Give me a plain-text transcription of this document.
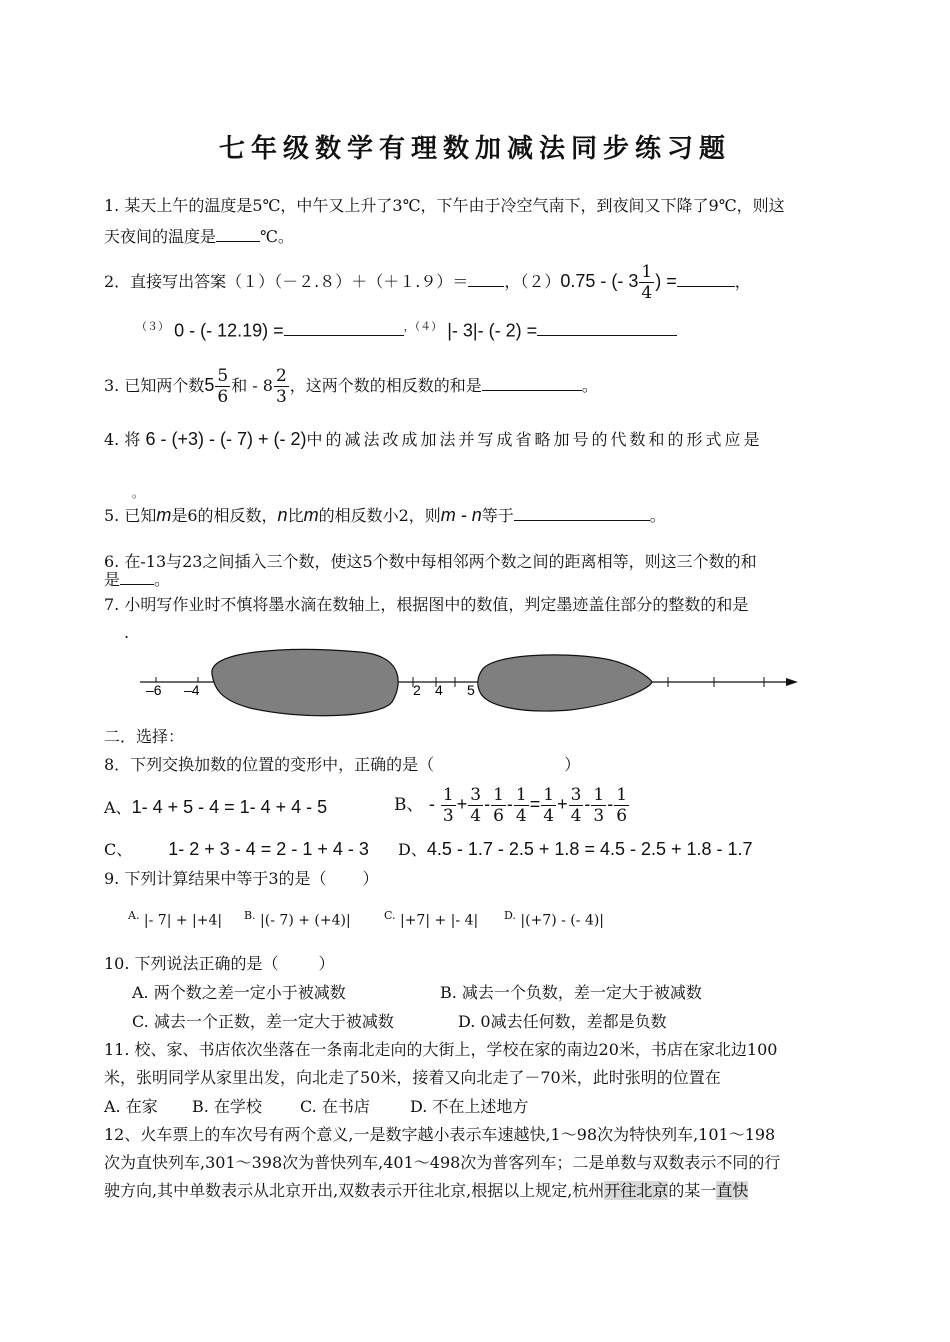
七年级数学有理数加减法同步练习题
1. 某天上午的温度是5℃，中午又上升了3℃，下午由于冷空气南下，到夜间又下降了9℃，则这
天夜间的温度是	℃。
2．直接写出答案（１）（－２.８）＋（＋１.９）＝ ，（２）0.75 - (- $3 \frac{1}{4}$ ) =	，
$^{(3)}$ 0 - (- 12.19) =	$^{,(4)}$ |- 3|- (- 2) =
3. 已知两个数$5 \frac{5}{6}$ 和 - $8 \frac{2}{3}$ ，这两个数的相反数的和是	。
4. 将 6 - (+3) - (- 7) + (- 2)中的减法改成加法并写成省略加号的代数和的形式应是
。
5. 已知m是6的相反数，n比m的相反数小2，则m - n等于	。
6. 在-13与23之间插入三个数，使这5个数中每相邻两个数之间的距离相等，则这三个数的和
是 。
7. 小明写作业时不慎将墨水滴在数轴上，根据图中的数值，判定墨迹盖住部分的整数的和是
.
–6 –4	2 4 5
二．选择：
8．下列交换加数的位置的变形中，正确的是（	）
A、1- 4 + 5 - 4 = 1- 4 + 4 - 5	B、 - $\frac{1}{3} + \frac{3}{4} - \frac{1}{6} - \frac{1}{4} = \frac{1}{4} + \frac{3}{4} - \frac{1}{3} - \frac{1}{6}$
C、 1- 2 + 3 - 4 = 2 - 1 + 4 - 3 D、4.5 - 1.7 - 2.5 + 1.8 = 4.5 - 2.5 + 1.8 - 1.7
9. 下列计算结果中等于3的是（ ）
$^{A.}$ |- 7| + |+4| $^{B.}$ |(- 7) + (+4)|	$^{C.}$ |+7| + |- 4| $^{D.}$ |(+7) - (- 4)|
10. 下列说法正确的是（	）
A. 两个数之差一定小于被减数	B. 减去一个负数，差一定大于被减数
C. 减去一个正数，差一定大于被减数	D. 0减去任何数，差都是负数
11. 校、家、书店依次坐落在一条南北走向的大街上，学校在家的南边20米，书店在家北边100
米，张明同学从家里出发，向北走了50米，接着又向北走了－70米，此时张明的位置在
A. 在家 B. 在学校 C. 在书店	D. 不在上述地方
12、火车票上的车次号有两个意义,一是数字越小表示车速越快,1～98次为特快列车,101～198
次为直快列车,301～398次为普快列车,401～498次为普客列车；二是单数与双数表示不同的行
驶方向,其中单数表示从北京开出,双数表示开往北京,根据以上规定,杭州开往北京的某一直快
